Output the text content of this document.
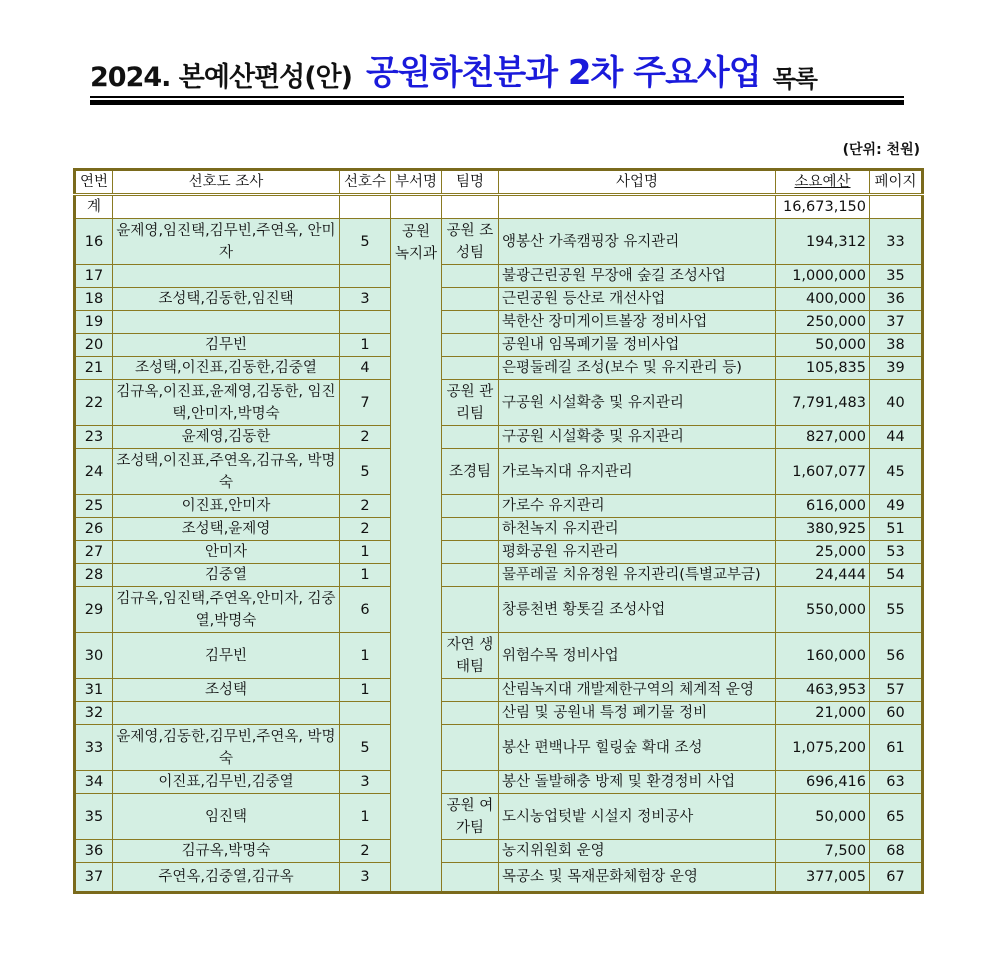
2024. 본예산편성(안) 공원하천분과 2차 주요사업 목록
(단위: 천원)
연번	선호도 조사	선호수	부서명	팀명	사업명	소요예산	페이지
계						16,673,150	
16	윤제영,임진택,김무빈,주연옥, 안미자	5	공원 녹지과	공원 조성팀	앵봉산 가족캠핑장 유지관리	194,312	33
17					불광근린공원 무장애 숲길 조성사업	1,000,000	35
18	조성택,김동한,임진택	3			근린공원 등산로 개선사업	400,000	36
19					북한산 장미게이트볼장 정비사업	250,000	37
20	김무빈	1			공원내 임목폐기물 정비사업	50,000	38
21	조성택,이진표,김동한,김중열	4			은평둘레길 조성(보수 및 유지관리 등)	105,835	39
22	김규옥,이진표,윤제영,김동한, 임진택,안미자,박명숙	7		공원 관리팀	구공원 시설확충 및 유지관리	7,791,483	40
23	윤제영,김동한	2			구공원 시설확충 및 유지관리	827,000	44
24	조성택,이진표,주연옥,김규옥, 박명숙	5		조경팀	가로녹지대 유지관리	1,607,077	45
25	이진표,안미자	2			가로수 유지관리	616,000	49
26	조성택,윤제영	2			하천녹지 유지관리	380,925	51
27	안미자	1			평화공원 유지관리	25,000	53
28	김중열	1			물푸레골 치유정원 유지관리(특별교부금)	24,444	54
29	김규옥,임진택,주연옥,안미자, 김중열,박명숙	6			창릉천변 황톳길 조성사업	550,000	55
30	김무빈	1		자연 생태팀	위험수목 정비사업	160,000	56
31	조성택	1			산림녹지대 개발제한구역의 체계적 운영	463,953	57
32					산림 및 공원내 특정 폐기물 정비	21,000	60
33	윤제영,김동한,김무빈,주연옥, 박명숙	5			봉산 편백나무 힐링숲 확대 조성	1,075,200	61
34	이진표,김무빈,김중열	3			봉산 돌발해충 방제 및 환경정비 사업	696,416	63
35	임진택	1		공원 여가팀	도시농업텃밭 시설지 정비공사	50,000	65
36	김규옥,박명숙	2			농지위원회 운영	7,500	68
37	주연옥,김중열,김규옥	3			목공소 및 목재문화체험장 운영	377,005	67
